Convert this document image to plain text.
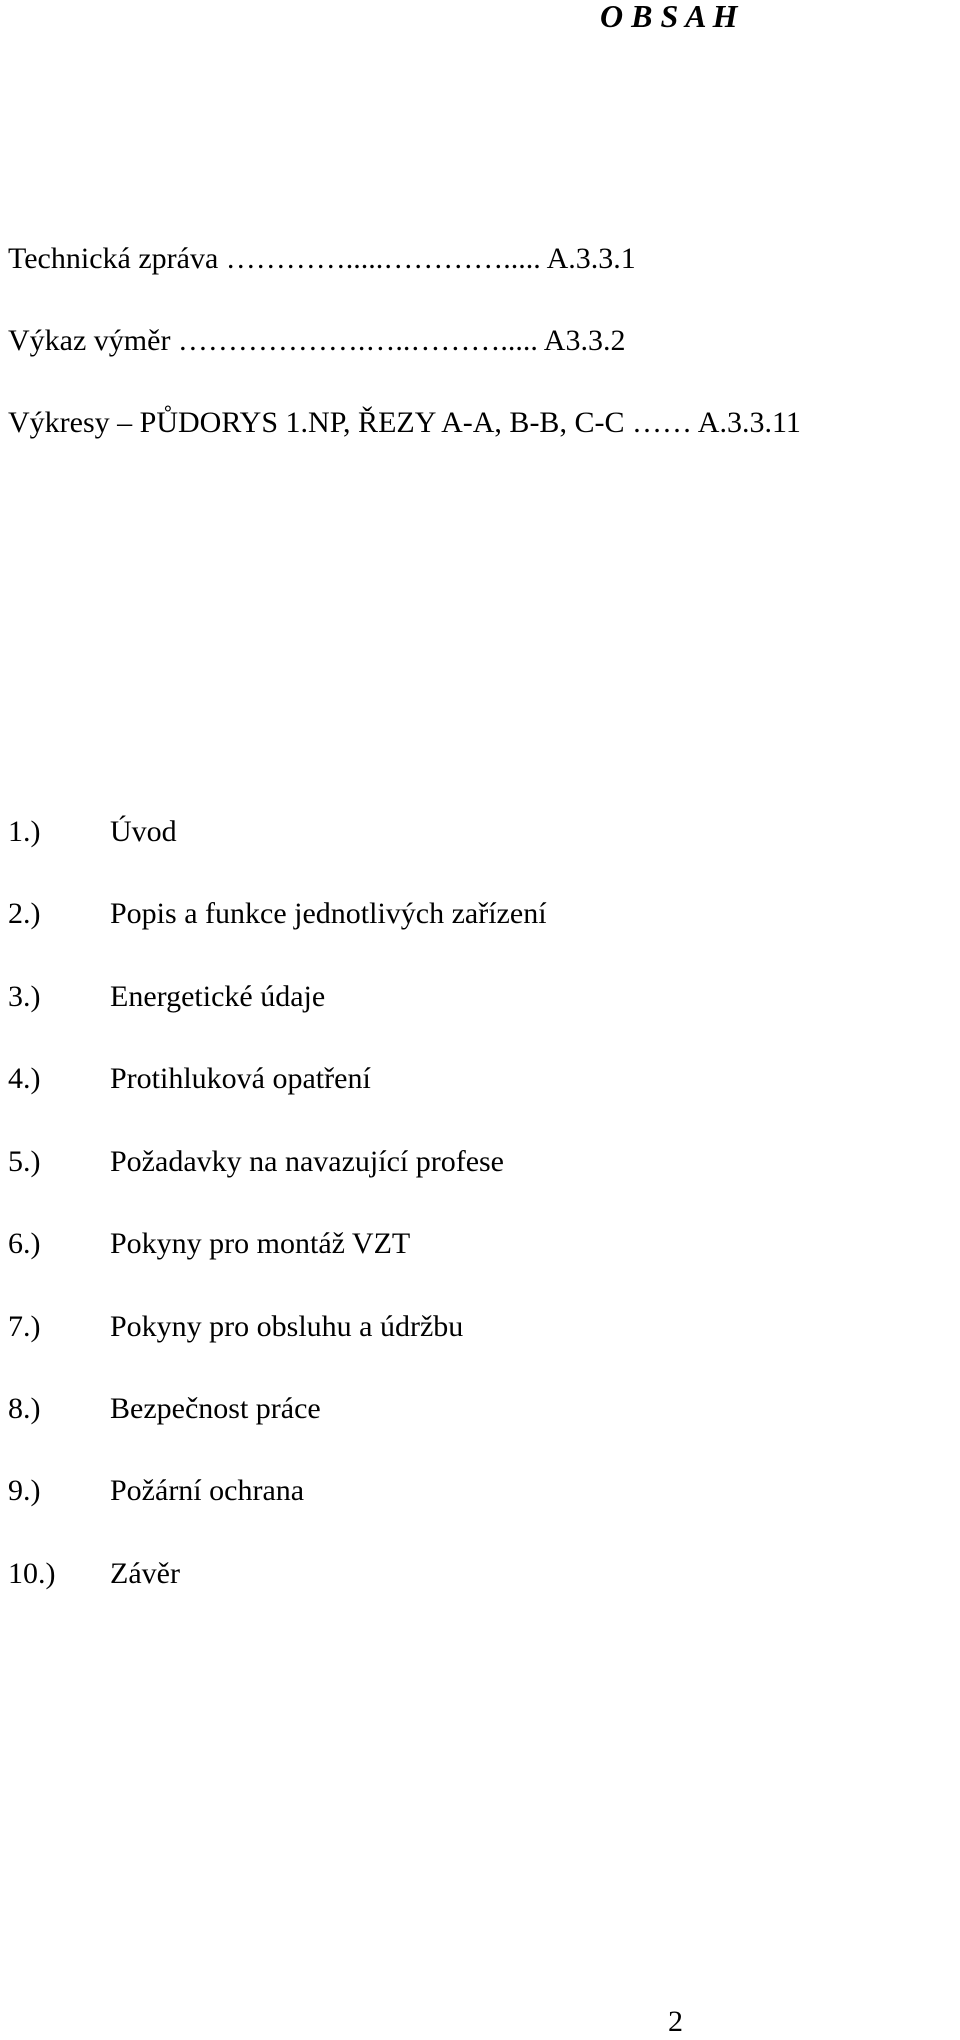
O B S A H
Technická zpráva ………….....…………..... A.3.3.1
Výkaz výměr ……………….…..………..... A3.3.2
Výkresy – PŮDORYS 1.NP, ŘEZY A-A, B-B, C-C …… A.3.3.11
1.) Úvod
2.) Popis a funkce jednotlivých zařízení
3.) Energetické údaje
4.) Protihluková opatření
5.) Požadavky na navazující profese
6.) Pokyny pro montáž VZT
7.) Pokyny pro obsluhu a údržbu
8.) Bezpečnost práce
9.) Požární ochrana
10.) Závěr
2
